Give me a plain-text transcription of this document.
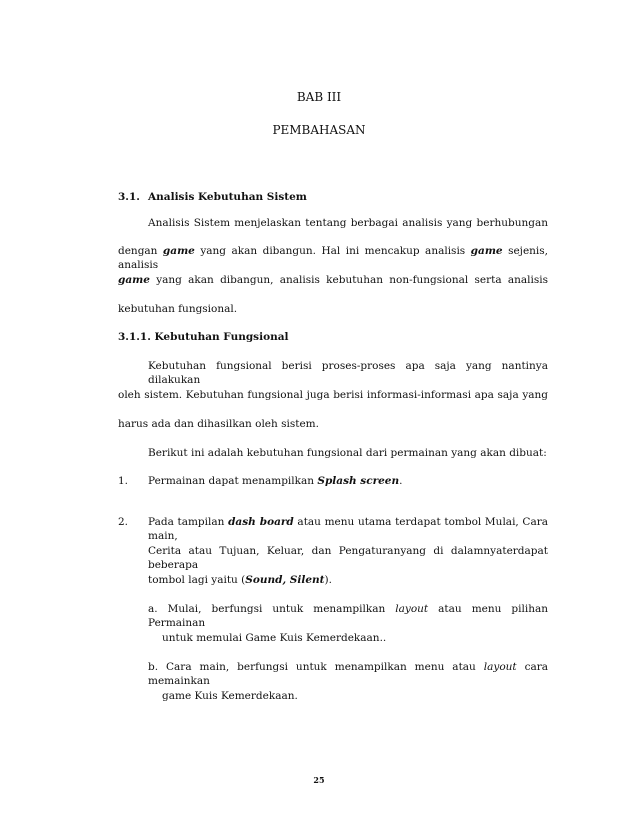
BAB III
PEMBAHASAN
3.1. Analisis Kebutuhan Sistem
Analisis Sistem menjelaskan tentang berbagai analisis yang berhubungan
dengan game yang akan dibangun. Hal ini mencakup analisis game sejenis, analisis
game yang akan dibangun, analisis kebutuhan non-fungsional serta analisis
kebutuhan fungsional.
3.1.1. Kebutuhan Fungsional
Kebutuhan fungsional berisi proses-proses apa saja yang nantinya dilakukan
oleh sistem. Kebutuhan fungsional juga berisi informasi-informasi apa saja yang
harus ada dan dihasilkan oleh sistem.
Berikut ini adalah kebutuhan fungsional dari permainan yang akan dibuat:
1. Permainan dapat menampilkan Splash screen.
2. Pada tampilan dash board atau menu utama terdapat tombol Mulai, Cara main,
Cerita atau Tujuan, Keluar, dan Pengaturanyang di dalamnyaterdapat beberapa
tombol lagi yaitu (Sound, Silent).
a. Mulai, berfungsi untuk menampilkan layout atau menu pilihan Permainan
untuk memulai Game Kuis Kemerdekaan..
b. Cara main, berfungsi untuk menampilkan menu atau layout cara memainkan
game Kuis Kemerdekaan.
25
